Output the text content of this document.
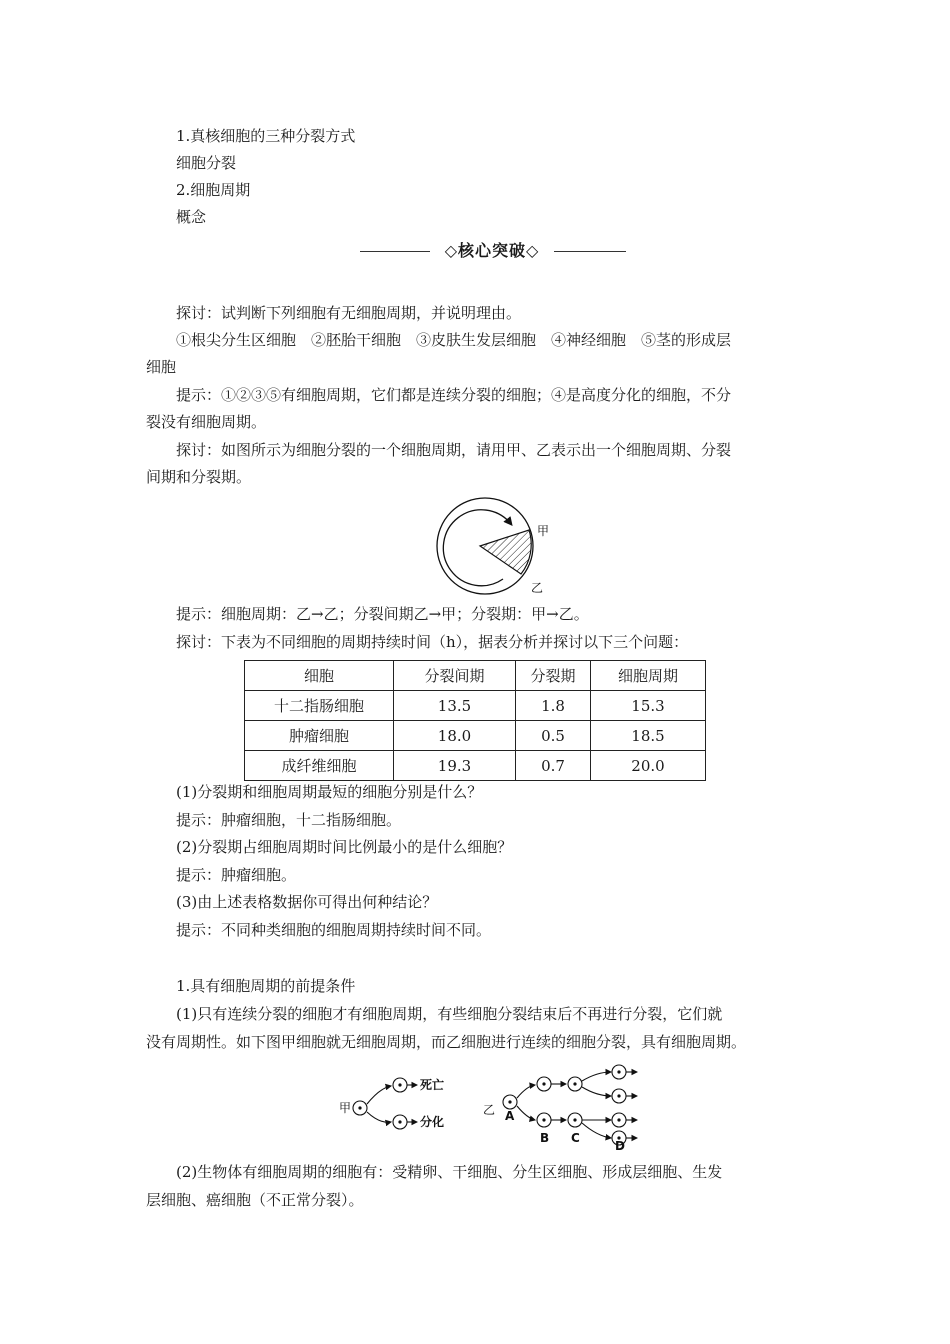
1.真核细胞的三种分裂方式
细胞分裂
2.细胞周期
概念
◇核心突破◇
探讨：试判断下列细胞有无细胞周期，并说明理由。
①根尖分生区细胞　②胚胎干细胞　③皮肤生发层细胞　④神经细胞　⑤茎的形成层
细胞
提示：①②③⑤有细胞周期，它们都是连续分裂的细胞；④是高度分化的细胞，不分
裂没有细胞周期。
探讨：如图所示为细胞分裂的一个细胞周期，请用甲、乙表示出一个细胞周期、分裂
间期和分裂期。
甲
乙
提示：细胞周期：乙→乙；分裂间期乙→甲；分裂期：甲→乙。
探讨：下表为不同细胞的周期持续时间（h），据表分析并探讨以下三个问题：
细胞	分裂间期	分裂期	细胞周期
十二指肠细胞	13.5	1.8	15.3
肿瘤细胞	18.0	0.5	18.5
成纤维细胞	19.3	0.7	20.0
(1)分裂期和细胞周期最短的细胞分别是什么？
提示：肿瘤细胞，十二指肠细胞。
(2)分裂期占细胞周期时间比例最小的是什么细胞？
提示：肿瘤细胞。
(3)由上述表格数据你可得出何种结论？
提示：不同种类细胞的细胞周期持续时间不同。
1.具有细胞周期的前提条件
(1)只有连续分裂的细胞才有细胞周期，有些细胞分裂结束后不再进行分裂，它们就
没有周期性。如下图甲细胞就无细胞周期，而乙细胞进行连续的细胞分裂，具有细胞周期。
甲
死亡
分化
乙 A
B C
D
(2)生物体有细胞周期的细胞有：受精卵、干细胞、分生区细胞、形成层细胞、生发
层细胞、癌细胞（不正常分裂）。
